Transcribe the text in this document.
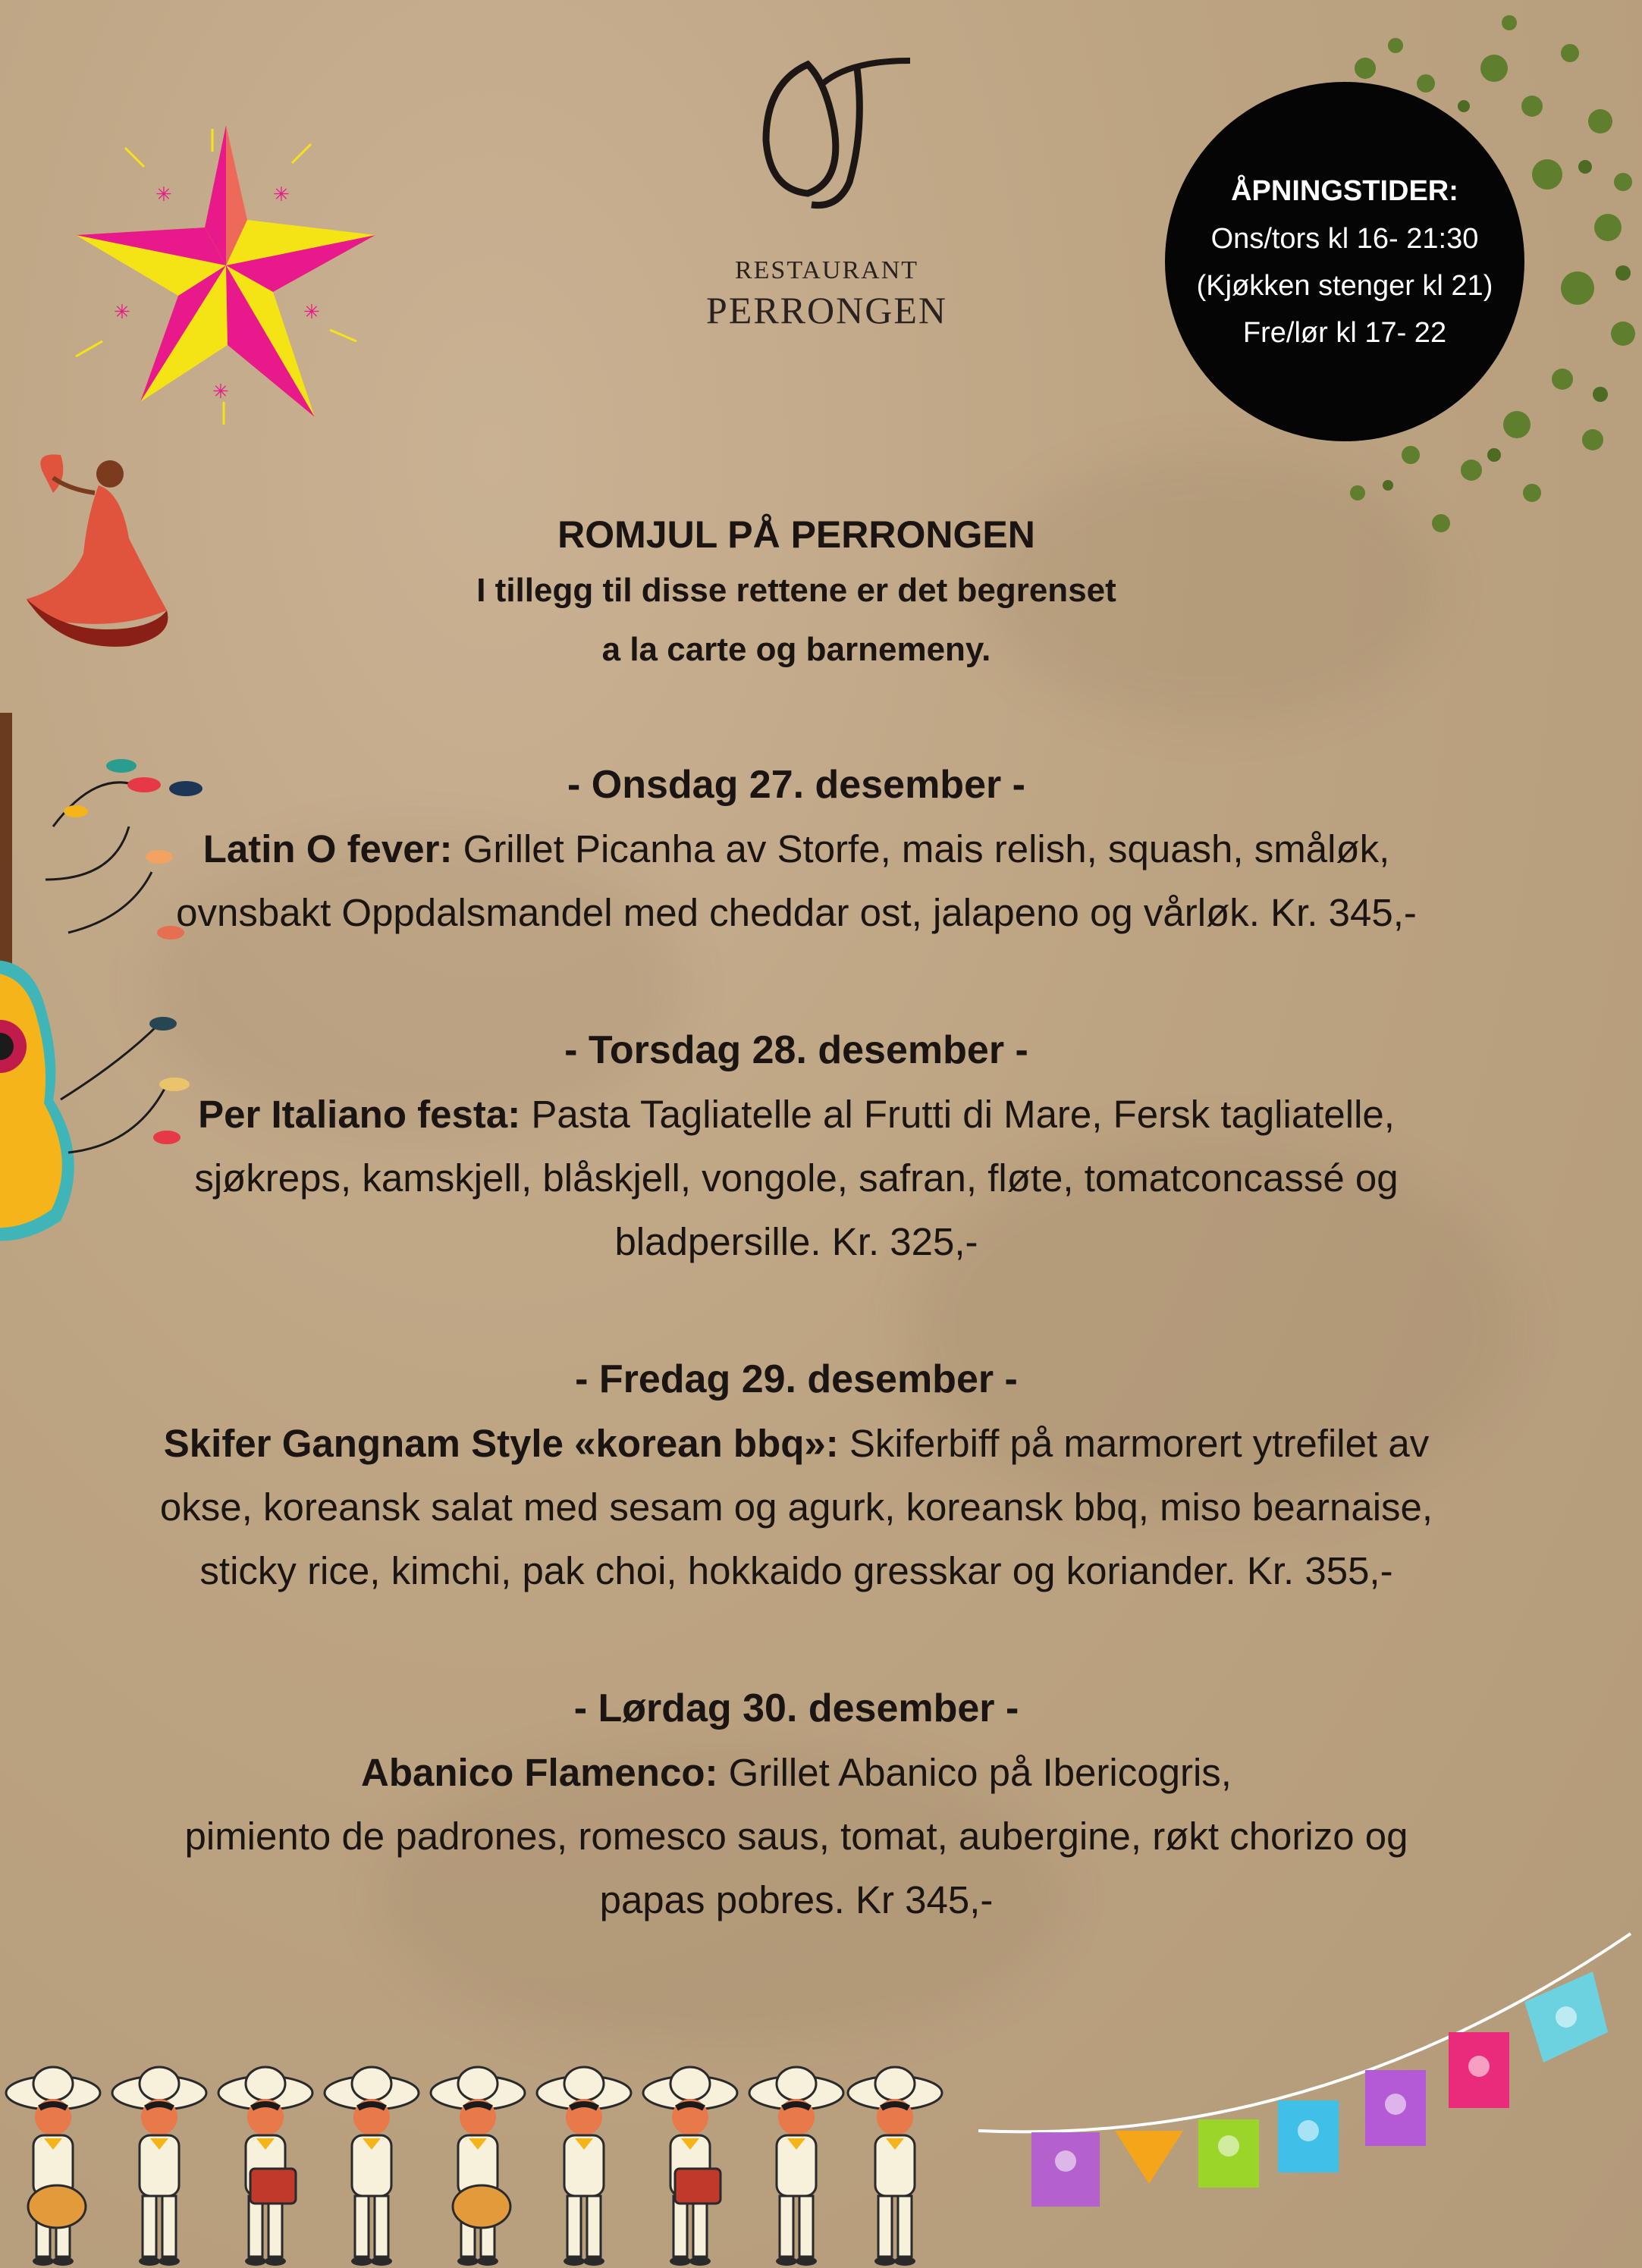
✳	✳
✳	✳
✳
RESTAURANT
PERRONGEN
ÅPNINGSTIDER:
Ons/tors kl 16- 21:30
(Kjøkken stenger kl 21)
Fre/lør kl 17- 22

ROMJUL PÅ PERRONGEN

I tillegg til disse rettene er det begrenset

a la carte og barnemeny.

- Onsdag 27. desember -
Latin O fever: Grillet Picanha av Storfe, mais relish, squash, småløk,
ovnsbakt Oppdalsmandel med cheddar ost, jalapeno og vårløk. Kr. 345,-
- Torsdag 28. desember -
Per Italiano festa: Pasta Tagliatelle al Frutti di Mare, Fersk tagliatelle,
sjøkreps, kamskjell, blåskjell, vongole, safran, fløte, tomatconcassé og
bladpersille. Kr. 325,-
- Fredag 29. desember -
Skifer Gangnam Style «korean bbq»: Skiferbiff på marmorert ytrefilet av
okse, koreansk salat med sesam og agurk, koreansk bbq, miso bearnaise,
sticky rice, kimchi, pak choi, hokkaido gresskar og koriander. Kr. 355,-
- Lørdag 30. desember -
Abanico Flamenco: Grillet Abanico på Ibericogris,
pimiento de padrones, romesco saus, tomat, aubergine, røkt chorizo og
papas pobres. Kr 345,-
